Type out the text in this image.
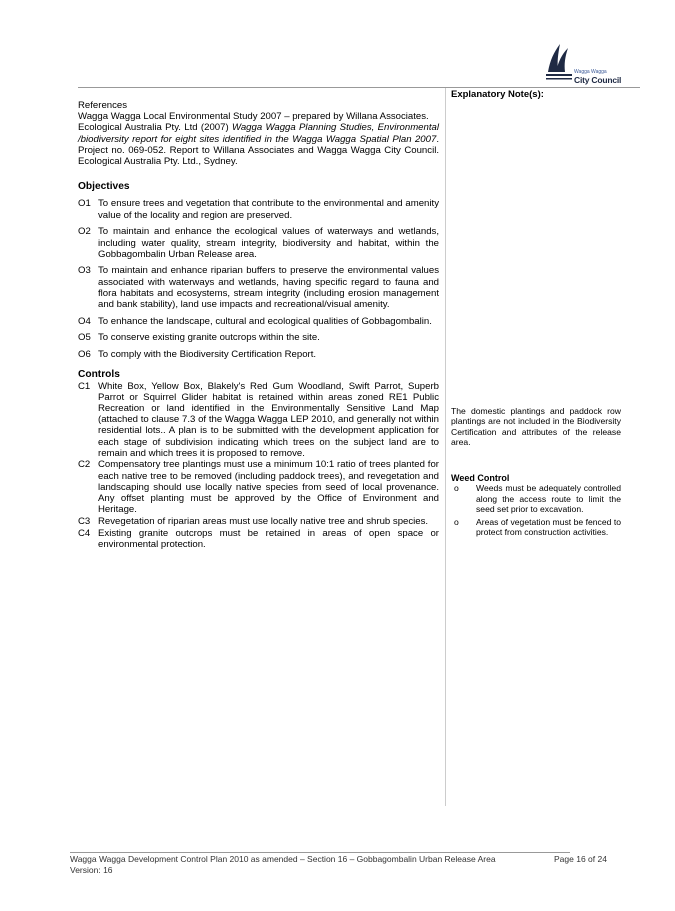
Wagga Wagga
City Council
Explanatory Note(s):
References
Wagga Wagga Local Environmental Study 2007 – prepared by Willana Associates.
Ecological Australia Pty. Ltd (2007) Wagga Wagga Planning Studies, Environmental /biodiversity report for eight sites identified in the Wagga Wagga Spatial Plan 2007. Project no. 069-052. Report to Willana Associates and Wagga Wagga City Council. Ecological Australia Pty. Ltd., Sydney.
Objectives
O1 To ensure trees and vegetation that contribute to the environmental and amenity value of the locality and region are preserved.
O2 To maintain and enhance the ecological values of waterways and wetlands, including water quality, stream integrity, biodiversity and habitat, within the Gobbagombalin Urban Release area.
O3 To maintain and enhance riparian buffers to preserve the environmental values associated with waterways and wetlands, having specific regard to fauna and flora habitats and ecosystems, stream integrity (including erosion management and bank stability), land use impacts and recreational/visual amenity.
O4 To enhance the landscape, cultural and ecological qualities of Gobbagombalin.
O5 To conserve existing granite outcrops within the site.
O6 To comply with the Biodiversity Certification Report.
Controls
C1 White Box, Yellow Box, Blakely's Red Gum Woodland, Swift Parrot, Superb Parrot or Squirrel Glider habitat is retained within areas zoned RE1 Public Recreation or land identified in the Environmentally Sensitive Land Map (attached to clause 7.3 of the Wagga Wagga LEP 2010, and generally not within residential lots.. A plan is to be submitted with the development application for each stage of subdivision indicating which trees on the subject land are to remain and which trees it is proposed to remove.
C2 Compensatory tree plantings must use a minimum 10:1 ratio of trees planted for each native tree to be removed (including paddock trees), and revegetation and landscaping should use locally native species from seed of local provenance. Any offset planting must be approved by the Office of Environment and Heritage.
C3 Revegetation of riparian areas must use locally native tree and shrub species.
C4 Existing granite outcrops must be retained in areas of open space or environmental protection.
The domestic plantings and paddock row plantings are not included in the Biodiversity Certification and attributes of the release area.
Weed Control
o	Weeds must be adequately controlled along the access route to limit the seed set prior to excavation.
o	Areas of vegetation must be fenced to protect from construction activities.
Wagga Wagga Development Control Plan 2010 as amended – Section 16 – Gobbagombalin Urban Release Area	Page 16 of 24
Version: 16
